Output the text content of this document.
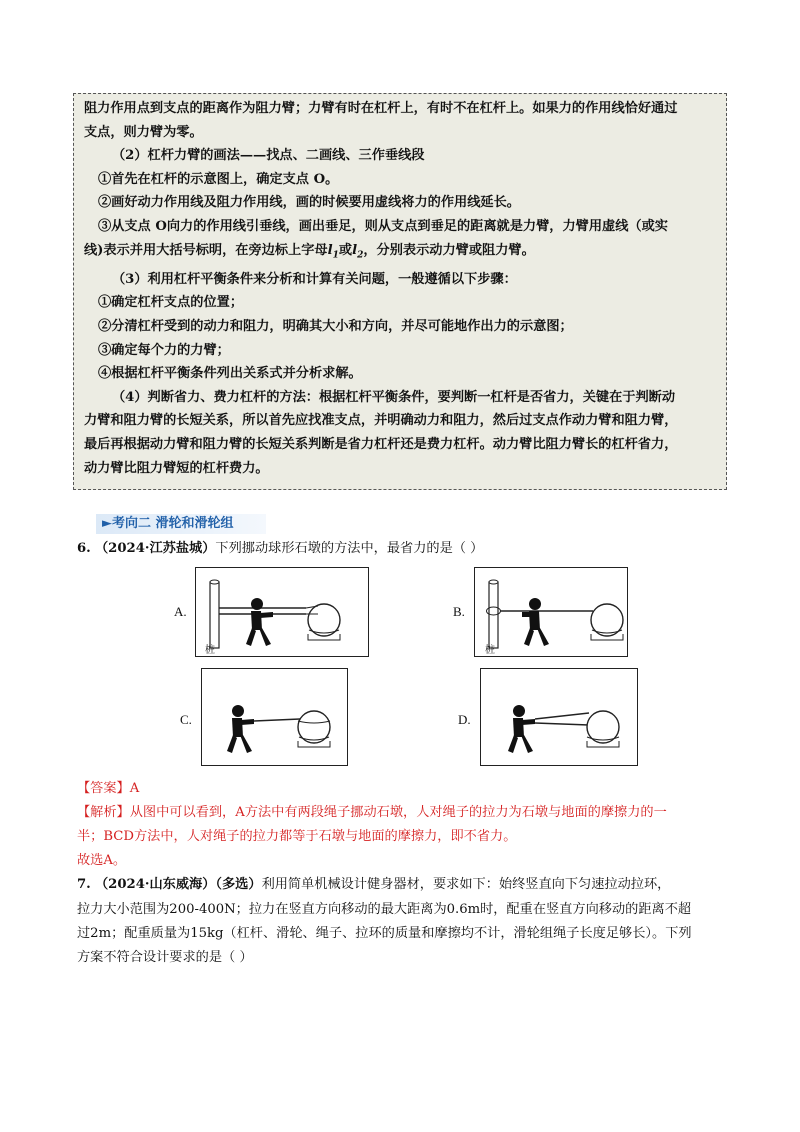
阻力作用点到支点的距离作为阻力臂；力臂有时在杠杆上，有时不在杠杆上。如果力的作用线恰好通过

支点，则力臂为零。

（2）杠杆力臂的画法——找点、二画线、三作垂线段

①首先在杠杆的示意图上，确定支点 O。

②画好动力作用线及阻力作用线，画的时候要用虚线将力的作用线延长。

③从支点 O向力的作用线引垂线，画出垂足，则从支点到垂足的距离就是力臂，力臂用虚线（或实

线)表示并用大括号标明，在旁边标上字母$l_1$或$l_2$，分别表示动力臂或阻力臂。

（3）利用杠杆平衡条件来分析和计算有关问题，一般遵循以下步骤：

①确定杠杆支点的位置；

②分清杠杆受到的动力和阻力，明确其大小和方向，并尽可能地作出力的示意图；

③确定每个力的力臂；

④根据杠杆平衡条件列出关系式并分析求解。

（4）判断省力、费力杠杆的方法：根据杠杆平衡条件，要判断一杠杆是否省力，关键在于判断动

力臂和阻力臂的长短关系，所以首先应找准支点，并明确动力和阻力，然后过支点作动力臂和阻力臂，

最后再根据动力臂和阻力臂的长短关系判断是省力杠杆还是费力杠杆。动力臂比阻力臂长的杠杆省力，

动力臂比阻力臂短的杠杆费力。

►考向二 滑轮和滑轮组
6. （2024·江苏盐城）下列挪动球形石墩的方法中，最省力的是（ ）
A.
桩
B.
桩
C.	D.
【答案】A
【解析】从图中可以看到，A方法中有两段绳子挪动石墩，人对绳子的拉力为石墩与地面的摩擦力的一
半；BCD方法中，人对绳子的拉力都等于石墩与地面的摩擦力，即不省力。
故选A。
7. （2024·山东威海）（多选）利用简单机械设计健身器材，要求如下：始终竖直向下匀速拉动拉环，
拉力大小范围为200-400N；拉力在竖直方向移动的最大距离为0.6m时，配重在竖直方向移动的距离不超
过2m；配重质量为15kg（杠杆、滑轮、绳子、拉环的质量和摩擦均不计，滑轮组绳子长度足够长）。下列
方案不符合设计要求的是（ ）
